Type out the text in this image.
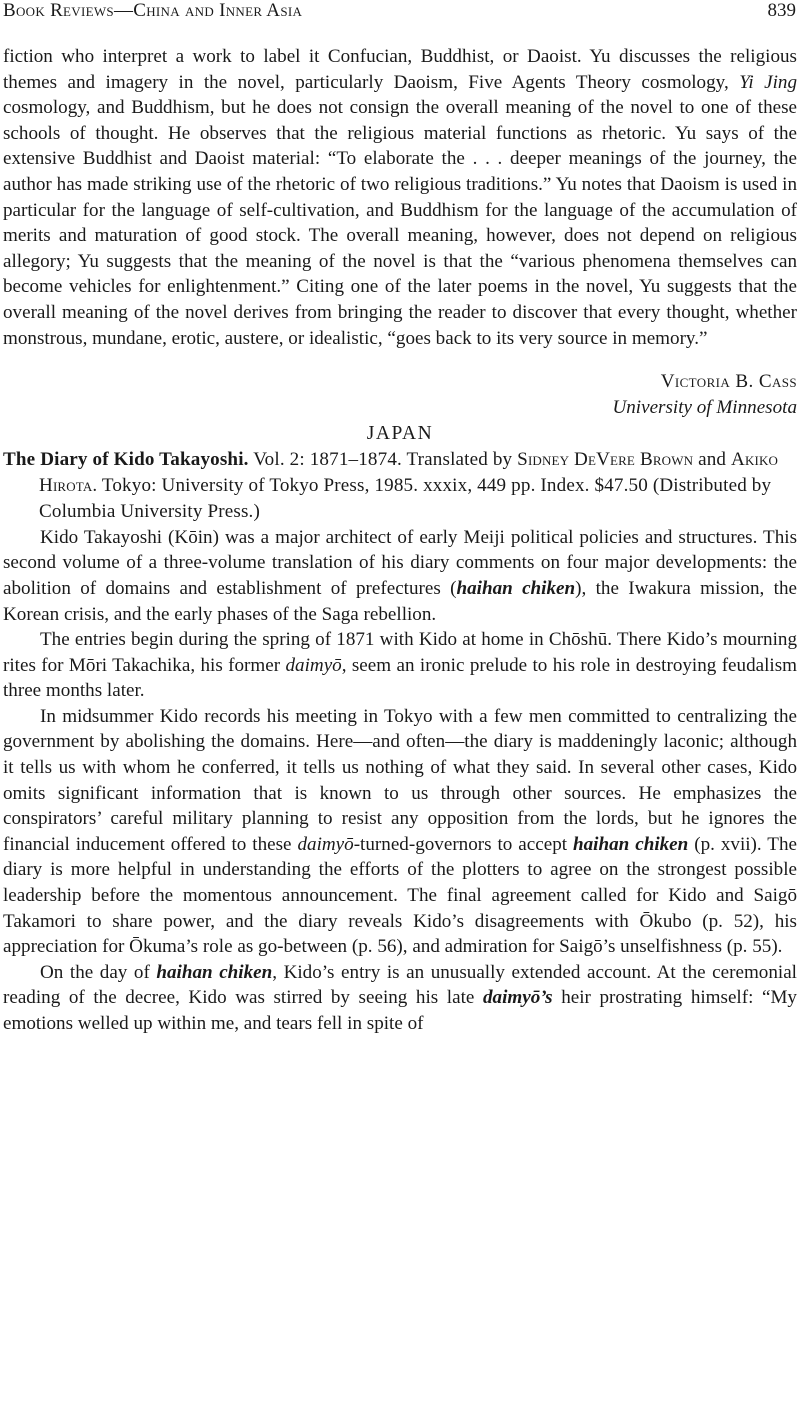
Book Reviews—China and Inner Asia	839

fiction who interpret a work to label it Confucian, Buddhist, or Daoist. Yu discusses the religious themes and imagery in the novel, particularly Daoism, Five Agents Theory cosmology, Yi Jing cosmology, and Buddhism, but he does not consign the overall meaning of the novel to one of these schools of thought. He observes that the religious material functions as rhetoric. Yu says of the extensive Buddhist and Daoist material: “To elaborate the . . . deeper meanings of the journey, the author has made striking use of the rhetoric of two religious traditions.” Yu notes that Daoism is used in particular for the language of self-cultivation, and Buddhism for the language of the accumulation of merits and maturation of good stock. The overall meaning, however, does not depend on religious allegory; Yu suggests that the meaning of the novel is that the “various phenomena themselves can become vehicles for enlightenment.” Citing one of the later poems in the novel, Yu suggests that the overall meaning of the novel derives from bringing the reader to discover that every thought, whether monstrous, mundane, erotic, austere, or idealistic, “goes back to its very source in memory.”

Victoria B. Cass
University of Minnesota

JAPAN

The Diary of Kido Takayoshi. Vol. 2: 1871–1874. Translated by Sidney DeVere Brown and Akiko Hirota. Tokyo: University of Tokyo Press, 1985. xxxix, 449 pp. Index. $47.50 (Distributed by Columbia University Press.)

Kido Takayoshi (Kōin) was a major architect of early Meiji political policies and structures. This second volume of a three-volume translation of his diary comments on four major developments: the abolition of domains and establishment of prefectures (haihan chiken), the Iwakura mission, the Korean crisis, and the early phases of the Saga rebellion.

The entries begin during the spring of 1871 with Kido at home in Chōshū. There Kido’s mourning rites for Mōri Takachika, his former daimyō, seem an ironic prelude to his role in destroying feudalism three months later.

In midsummer Kido records his meeting in Tokyo with a few men committed to centralizing the government by abolishing the domains. Here—and often—the diary is maddeningly laconic; although it tells us with whom he conferred, it tells us nothing of what they said. In several other cases, Kido omits significant information that is known to us through other sources. He emphasizes the conspirators’ careful military planning to resist any opposition from the lords, but he ignores the financial inducement offered to these daimyō-turned-governors to accept haihan chiken (p. xvii). The diary is more helpful in understanding the efforts of the plotters to agree on the strongest possible leadership before the momentous announcement. The final agreement called for Kido and Saigō Takamori to share power, and the diary reveals Kido’s disagreements with Ōkubo (p. 52), his appreciation for Ōkuma’s role as go-between (p. 56), and admiration for Saigō’s unselfishness (p. 55).

On the day of haihan chiken, Kido’s entry is an unusually extended account. At the ceremonial reading of the decree, Kido was stirred by seeing his late daimyō’s heir prostrating himself: “My emotions welled up within me, and tears fell in spite of
